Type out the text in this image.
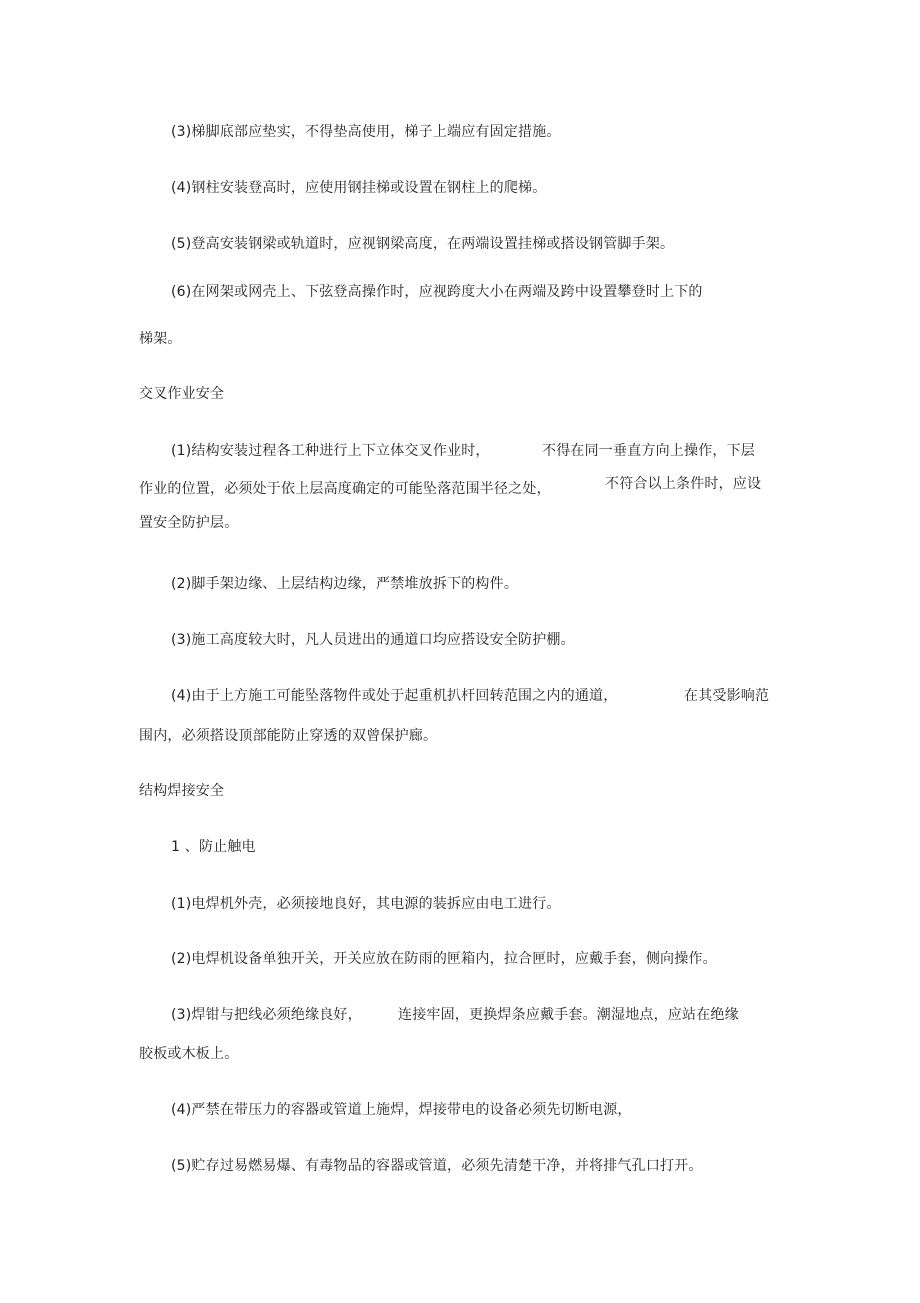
(3)梯脚底部应垫实，不得垫高使用，梯子上端应有固定措施。
(4)钢柱安装登高时，应使用钢挂梯或设置在钢柱上的爬梯。
(5)登高安装钢梁或轨道时，应视钢梁高度，在两端设置挂梯或搭设钢管脚手架。
(6)在网架或网壳上、下弦登高操作时，应视跨度大小在两端及跨中设置攀登时上下的
梯架。
交叉作业安全
(1)结构安装过程各工种进行上下立体交叉作业时，	不得在同一垂直方向上操作，下层
作业的位置，必须处于依上层高度确定的可能坠落范围半径之处，	不符合以上条件时，应设
置安全防护层。
(2)脚手架边缘、上层结构边缘，严禁堆放拆下的构件。
(3)施工高度较大时，凡人员进出的通道口均应搭设安全防护棚。
(4)由于上方施工可能坠落物件或处于起重机扒杆回转范围之内的通道，	在其受影响范
围内，必须搭设顶部能防止穿透的双曾保护廊。
结构焊接安全
1 、防止触电
(1)电焊机外壳，必须接地良好，其电源的装拆应由电工进行。
(2)电焊机设备单独开关，开关应放在防雨的匣箱内，拉合匣时，应戴手套，侧向操作。
(3)焊钳与把线必须绝缘良好，	连接牢固，更换焊条应戴手套。潮湿地点，应站在绝缘
胶板或木板上。
(4)严禁在带压力的容器或管道上施焊，焊接带电的设备必须先切断电源，
(5)贮存过易燃易爆、有毒物品的容器或管道，必须先清楚干净，并将排气孔口打开。
